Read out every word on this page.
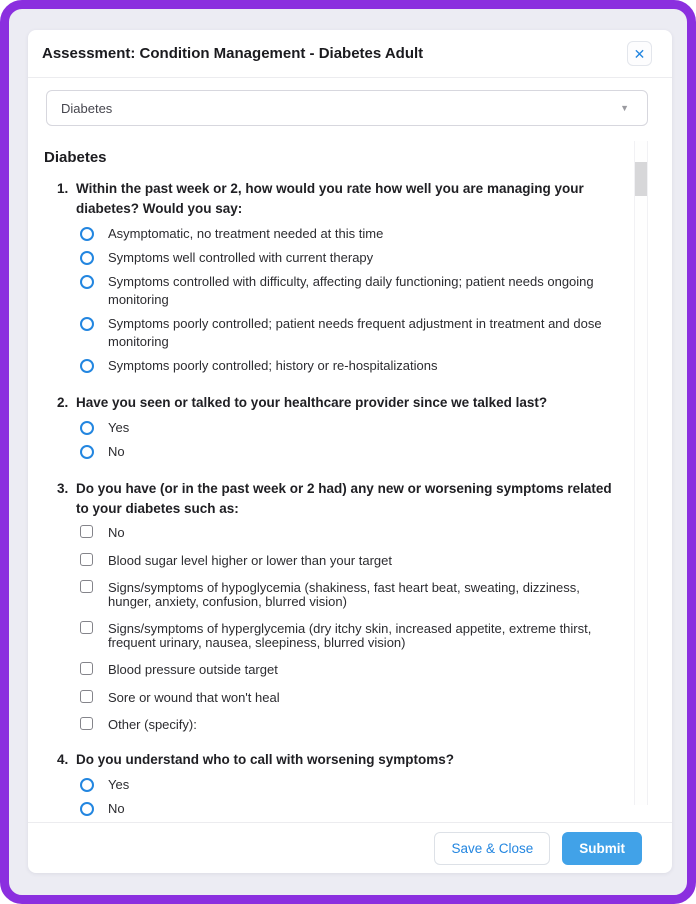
Assessment: Condition Management - Diabetes Adult	✕
Diabetes	▼
Diabetes
1. Within the past week or 2, how would you rate how well you are managing your diabetes? Would you say:
Asymptomatic, no treatment needed at this time
Symptoms well controlled with current therapy
Symptoms controlled with difficulty, affecting daily functioning; patient needs ongoing monitoring
Symptoms poorly controlled; patient needs frequent adjustment in treatment and dose monitoring
Symptoms poorly controlled; history or re-hospitalizations
2. Have you seen or talked to your healthcare provider since we talked last?
Yes
No
3. Do you have (or in the past week or 2 had) any new or worsening symptoms related to your diabetes such as:
No
Blood sugar level higher or lower than your target
Signs/symptoms of hypoglycemia (shakiness, fast heart beat, sweating, dizziness, hunger, anxiety, confusion, blurred vision)
Signs/symptoms of hyperglycemia (dry itchy skin, increased appetite, extreme thirst, frequent urinary, nausea, sleepiness, blurred vision)
Blood pressure outside target
Sore or wound that won't heal
Other (specify):
4. Do you understand who to call with worsening symptoms?
Yes
No
Save & Close	Submit
